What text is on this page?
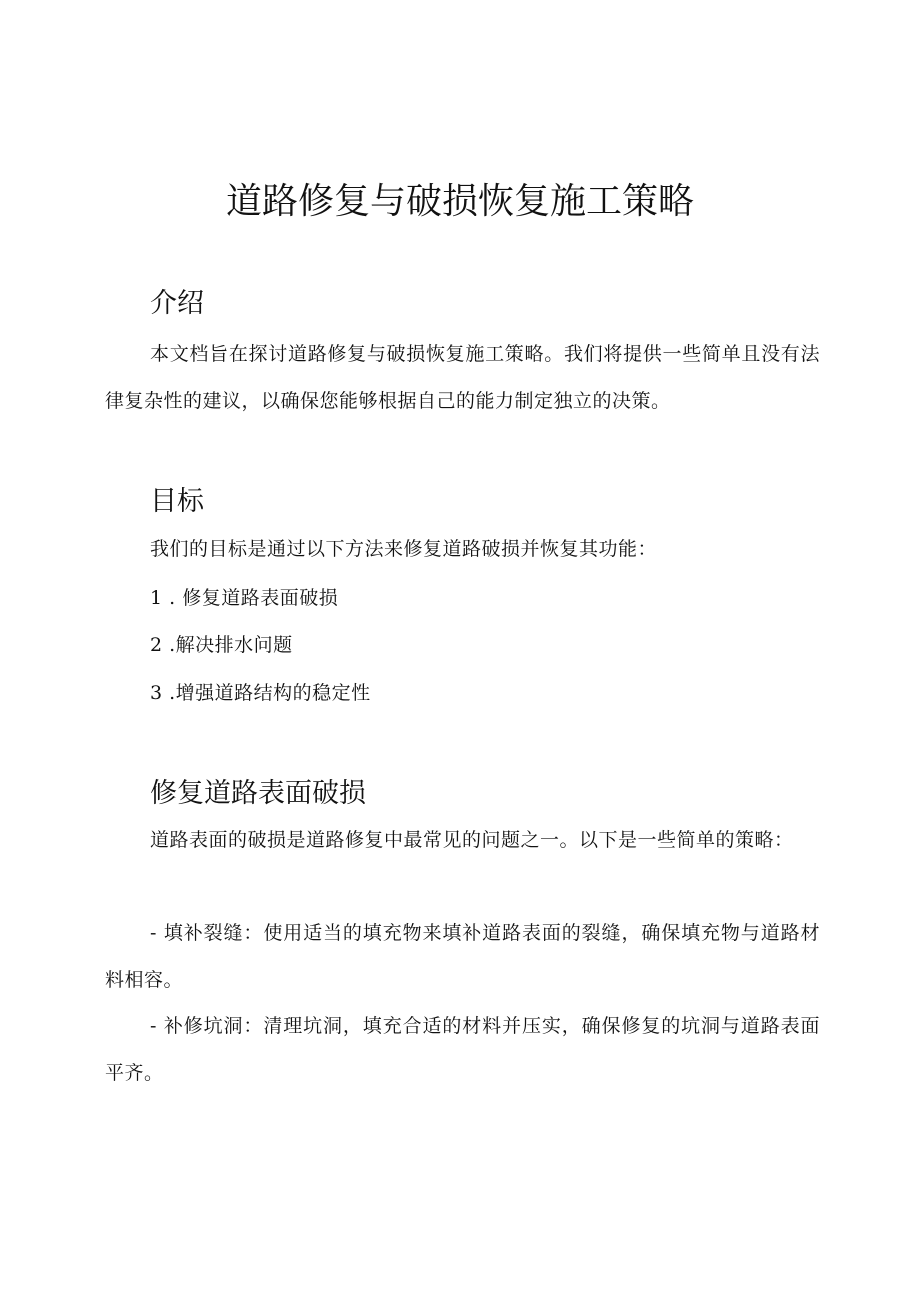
道路修复与破损恢复施工策略
介绍

本文档旨在探讨道路修复与破损恢复施工策略。我们将提供一些简单且没有法律复杂性的建议，以确保您能够根据自己的能力制定独立的决策。

目标

我们的目标是通过以下方法来修复道路破损并恢复其功能：

1 . 修复道路表面破损

2 .解决排水问题

3 .增强道路结构的稳定性

修复道路表面破损

道路表面的破损是道路修复中最常见的问题之一。以下是一些简单的策略：

- 填补裂缝：使用适当的填充物来填补道路表面的裂缝，确保填充物与道路材料相容。

- 补修坑洞：清理坑洞，填充合适的材料并压实，确保修复的坑洞与道路表面平齐。
